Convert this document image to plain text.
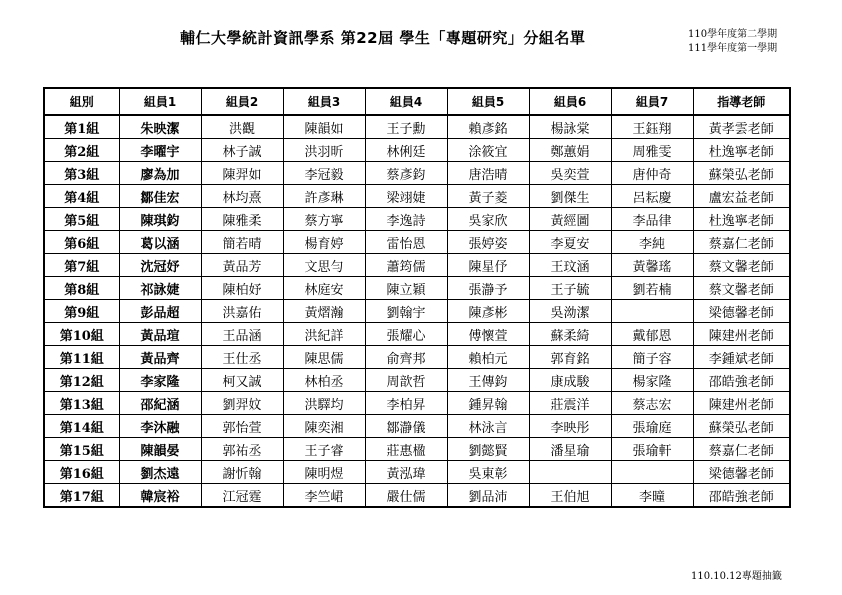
輔仁大學統計資訊學系 第22屆 學生「專題研究」分組名單	110學年度第二學期
111學年度第一學期
組別	組員1	組員2	組員3	組員4	組員5	組員6	組員7	指導老師
第1組	朱映潔	洪觀	陳韻如	王子勳	賴彥銘	楊詠棠	王鈺翔	黃孝雲老師
第2組	李曜宇	林子誠	洪羽昕	林俐廷	涂筱宜	鄭蕙娟	周雅雯	杜逸寧老師
第3組	廖為加	陳羿如	李冠毅	蔡彥鈞	唐浩晴	吳奕萱	唐仲奇	蘇榮弘老師
第4組	鄒佳宏	林均熹	許彥琳	梁翊婕	黃子菱	劉傑生	呂耘慶	盧宏益老師
第5組	陳琪鈞	陳雅柔	蔡方寧	李逸詩	吳家欣	黃經圖	李品律	杜逸寧老師
第6組	葛以涵	簡若晴	楊育婷	雷怡恩	張婷姿	李夏安	李純	蔡嘉仁老師
第7組	沈冠妤	黃品芳	文思勻	蕭筠儒	陳星伃	王玟涵	黃馨瑤	蔡文馨老師
第8組	祁詠婕	陳柏妤	林庭安	陳立穎	張瀞予	王子毓	劉若楠	蔡文馨老師
第9組	彭品超	洪嘉佑	黃熠瀚	劉翰宇	陳彥彬	吳泑潔		梁德馨老師
第10組	黃品瑄	王品涵	洪紀詳	張耀心	傅懷萱	蘇柔綺	戴郁恩	陳建州老師
第11組	黃品齊	王仕丞	陳思儒	俞齊邦	賴柏元	郭育銘	簡子容	李鍾斌老師
第12組	李家隆	柯又誠	林柏丞	周歆哲	王傳鈞	康成駿	楊家隆	邵皓強老師
第13組	邵紀涵	劉羿妏	洪驛均	李柏昇	鍾昇翰	莊震洋	蔡志宏	陳建州老師
第14組	李沐融	郭怡萱	陳奕湘	鄒瀞儀	林泳言	李映彤	張瑜庭	蘇榮弘老師
第15組	陳韻晏	郭祐丞	王子睿	莊惠楹	劉懿賢	潘星瑜	張瑜軒	蔡嘉仁老師
第16組	劉杰遠	謝忻翰	陳明煜	黃泓瑋	吳東彰			梁德馨老師
第17組	韓宸裕	江冠霆	李竺峮	嚴仕儒	劉品沛	王伯旭	李曈	邵皓強老師
110.10.12專題抽籤
